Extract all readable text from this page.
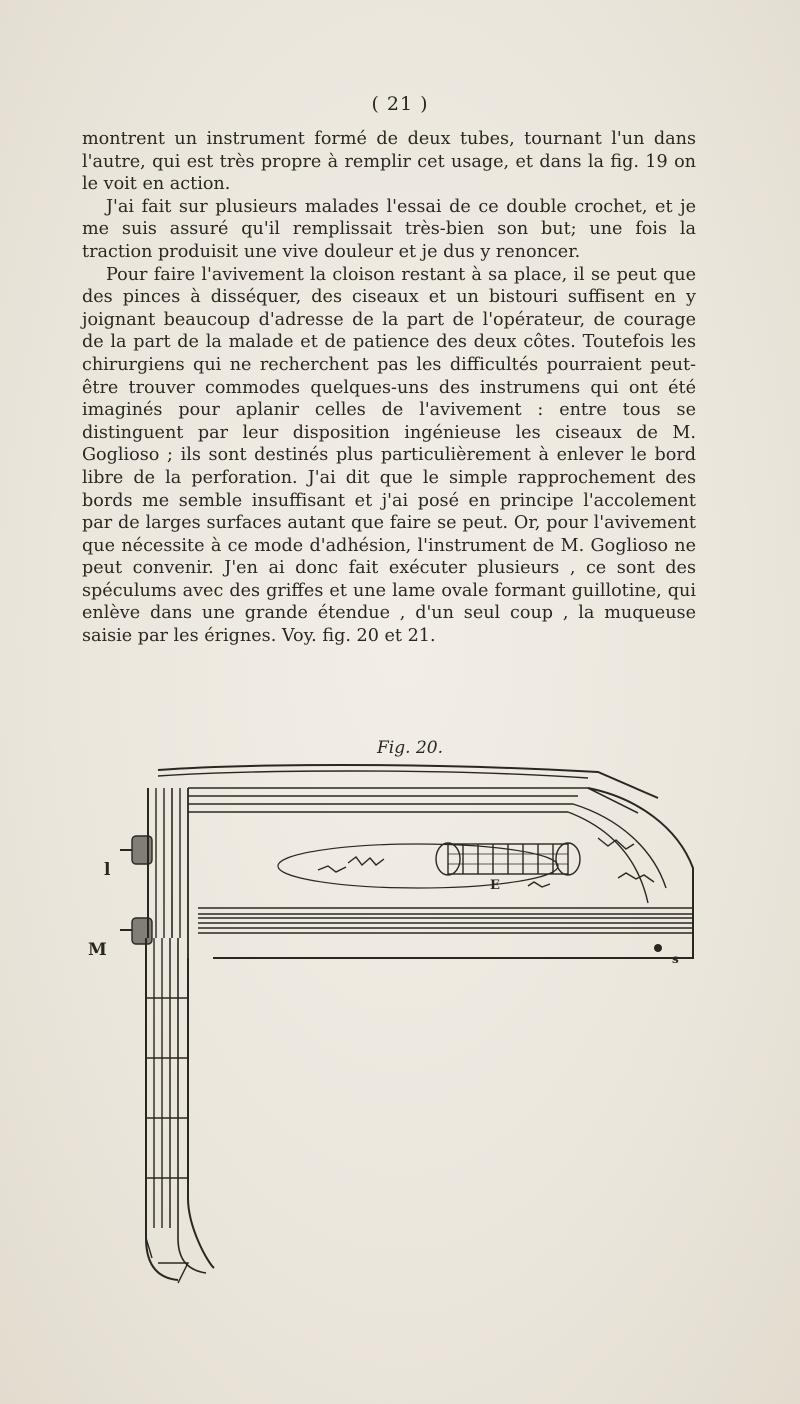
( 21 )

montrent un instrument formé de deux tubes, tournant l'un dans l'autre, qui est très propre à remplir cet usage, et dans la fig. 19 on le voit en action.

J'ai fait sur plusieurs malades l'essai de ce double crochet, et je me suis assuré qu'il remplissait très-bien son but; une fois la traction produisit une vive douleur et je dus y renoncer.

Pour faire l'avivement la cloison restant à sa place, il se peut que des pinces à disséquer, des ciseaux et un bistouri suffisent en y joignant beaucoup d'adresse de la part de l'opérateur, de courage de la part de la malade et de patience des deux côtes. Toutefois les chirurgiens qui ne recherchent pas les difficultés pourraient peut-être trouver commodes quelques-uns des instrumens qui ont été imaginés pour aplanir celles de l'avivement : entre tous se distinguent par leur disposition ingénieuse les ciseaux de M. Goglioso ; ils sont destinés plus particulièrement à enlever le bord libre de la perforation. J'ai dit que le simple rapprochement des bords me semble insuffisant et j'ai posé en principe l'accolement par de larges surfaces autant que faire se peut. Or, pour l'avivement que nécessite à ce mode d'adhésion, l'instrument de M. Goglioso ne peut convenir. J'en ai donc fait exécuter plusieurs , ce sont des spéculums avec des griffes et une lame ovale formant guillotine, qui enlève dans une grande étendue , d'un seul coup , la muqueuse saisie par les érignes. Voy. fig. 20 et 21.

Fig. 20.
l
M
E
s
